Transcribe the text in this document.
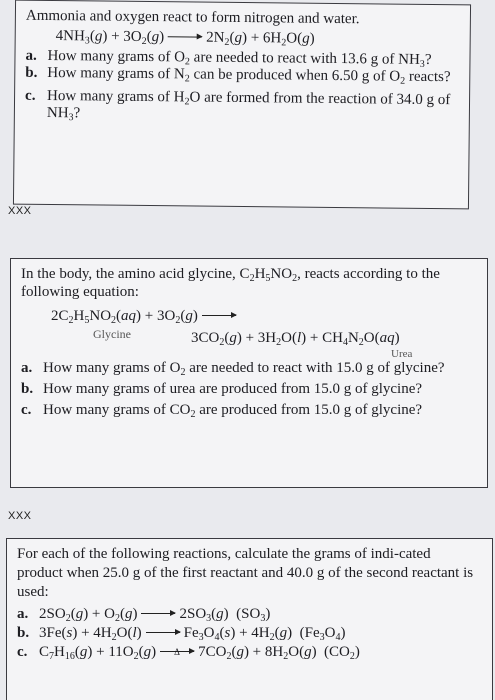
Ammonia and oxygen react to form nitrogen and water.
$4NH_3(g) + 3O_2(g)$	$2N_2(g) + 6H_2O(g)$
a. How many grams of $O_2$ are needed to react with 13.6 g of $NH_3$?
b. How many grams of $N_2$ can be produced when 6.50 g of $O_2$ reacts?
c. How many grams of $H_2O$ are formed from the reaction of 34.0 g of $NH_3$?
XXX
In the body, the amino acid glycine, $C_2H_5NO_2$, reacts according to the following equation:
$2C_2H_5NO_2(aq) + 3O_2(g)$
Glycine	$3CO_2(g) + 3H_2O(l) + CH_4N_2O(aq)$
Urea
a. How many grams of $O_2$ are needed to react with 15.0 g of glycine?
b. How many grams of urea are produced from 15.0 g of glycine?
c. How many grams of $CO_2$ are produced from 15.0 g of glycine?
XXX
For each of the following reactions, calculate the grams of indi-cated product when 25.0 g of the first reactant and 40.0 g of the second reactant is used:
a. $2SO_2(g) + O_2(g)$	$2SO_3(g)$  $(SO_3)$
b. $3Fe(s) + 4H_2O(l)$	$Fe_3O_4(s) + 4H_2(g)$  $(Fe_3O_4)$
c. $C_7H_{16}(g) + 11O_2(g)$ Δ $7CO_2(g) + 8H_2O(g)$  $(CO_2)$
